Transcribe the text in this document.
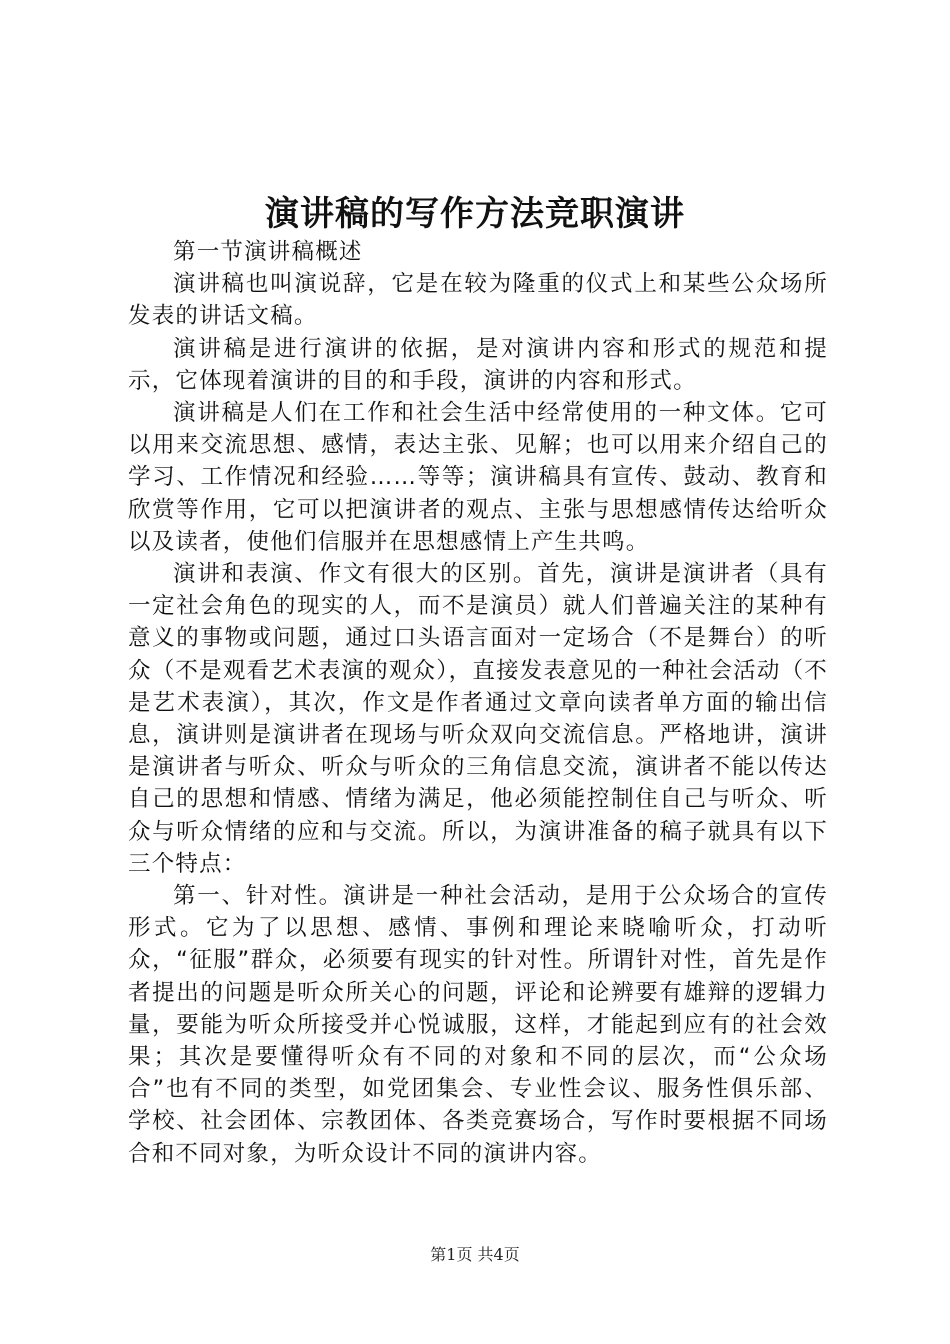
演讲稿的写作方法竞职演讲

第一节演讲稿概述

演讲稿也叫演说辞，它是在较为隆重的仪式上和某些公众场所发表的讲话文稿。

演讲稿是进行演讲的依据，是对演讲内容和形式的规范和提示，它体现着演讲的目的和手段，演讲的内容和形式。

演讲稿是人们在工作和社会生活中经常使用的一种文体。它可以用来交流思想、感情，表达主张、见解；也可以用来介绍自己的学习、工作情况和经验……等等；演讲稿具有宣传、鼓动、教育和欣赏等作用，它可以把演讲者的观点、主张与思想感情传达给听众以及读者，使他们信服并在思想感情上产生共鸣。

演讲和表演、作文有很大的区别。首先，演讲是演讲者（具有一定社会角色的现实的人，而不是演员）就人们普遍关注的某种有意义的事物或问题，通过口头语言面对一定场合（不是舞台）的听众（不是观看艺术表演的观众），直接发表意见的一种社会活动（不是艺术表演），其次，作文是作者通过文章向读者单方面的输出信息，演讲则是演讲者在现场与听众双向交流信息。严格地讲，演讲是演讲者与听众、听众与听众的三角信息交流，演讲者不能以传达自己的思想和情感、情绪为满足，他必须能控制住自己与听众、听众与听众情绪的应和与交流。所以，为演讲准备的稿子就具有以下三个特点：

第一、针对性。演讲是一种社会活动，是用于公众场合的宣传形式。它为了以思想、感情、事例和理论来晓喻听众，打动听众，“征服”群众，必须要有现实的针对性。所谓针对性，首先是作者提出的问题是听众所关心的问题，评论和论辨要有雄辩的逻辑力量，要能为听众所接受并心悦诚服，这样，才能起到应有的社会效果；其次是要懂得听众有不同的对象和不同的层次，而“公众场合”也有不同的类型，如党团集会、专业性会议、服务性俱乐部、学校、社会团体、宗教团体、各类竞赛场合，写作时要根据不同场合和不同对象，为听众设计不同的演讲内容。

第1页 共4页
